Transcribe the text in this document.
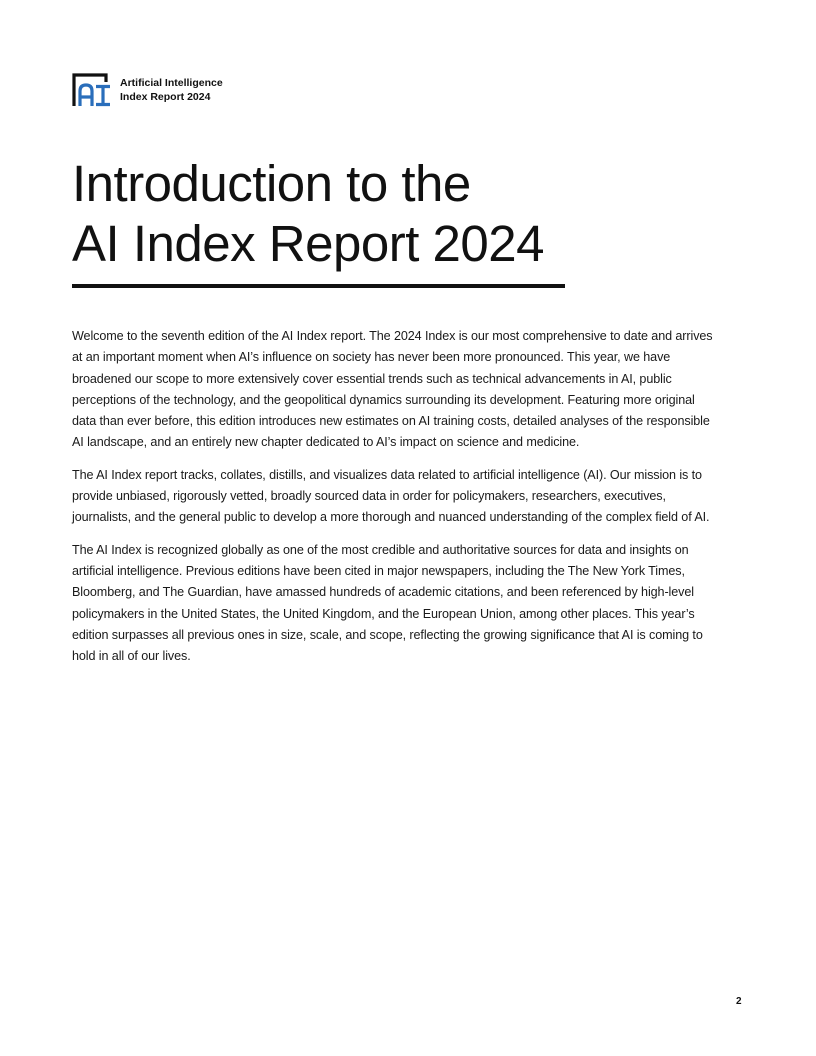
Artificial Intelligence
Index Report 2024
Introduction to the
AI Index Report 2024

Welcome to the seventh edition of the AI Index report. The 2024 Index is our most comprehensive to date and arrives at an important moment when AI’s influence on society has never been more pronounced. This year, we have broadened our scope to more extensively cover essential trends such as technical advancements in AI, public perceptions of the technology, and the geopolitical dynamics surrounding its development. Featuring more original data than ever before, this edition introduces new estimates on AI training costs, detailed analyses of the responsible AI landscape, and an entirely new chapter dedicated to AI’s impact on science and medicine.

The AI Index report tracks, collates, distills, and visualizes data related to artificial intelligence (AI). Our mission is to provide unbiased, rigorously vetted, broadly sourced data in order for policymakers, researchers, executives, journalists, and the general public to develop a more thorough and nuanced understanding of the complex field of AI.

The AI Index is recognized globally as one of the most credible and authoritative sources for data and insights on artificial intelligence. Previous editions have been cited in major newspapers, including the The New York Times, Bloomberg, and The Guardian, have amassed hundreds of academic citations, and been referenced by high-level policymakers in the United States, the United Kingdom, and the European Union, among other places. This year’s edition surpasses all previous ones in size, scale, and scope, reflecting the growing significance that AI is coming to hold in all of our lives.

2
